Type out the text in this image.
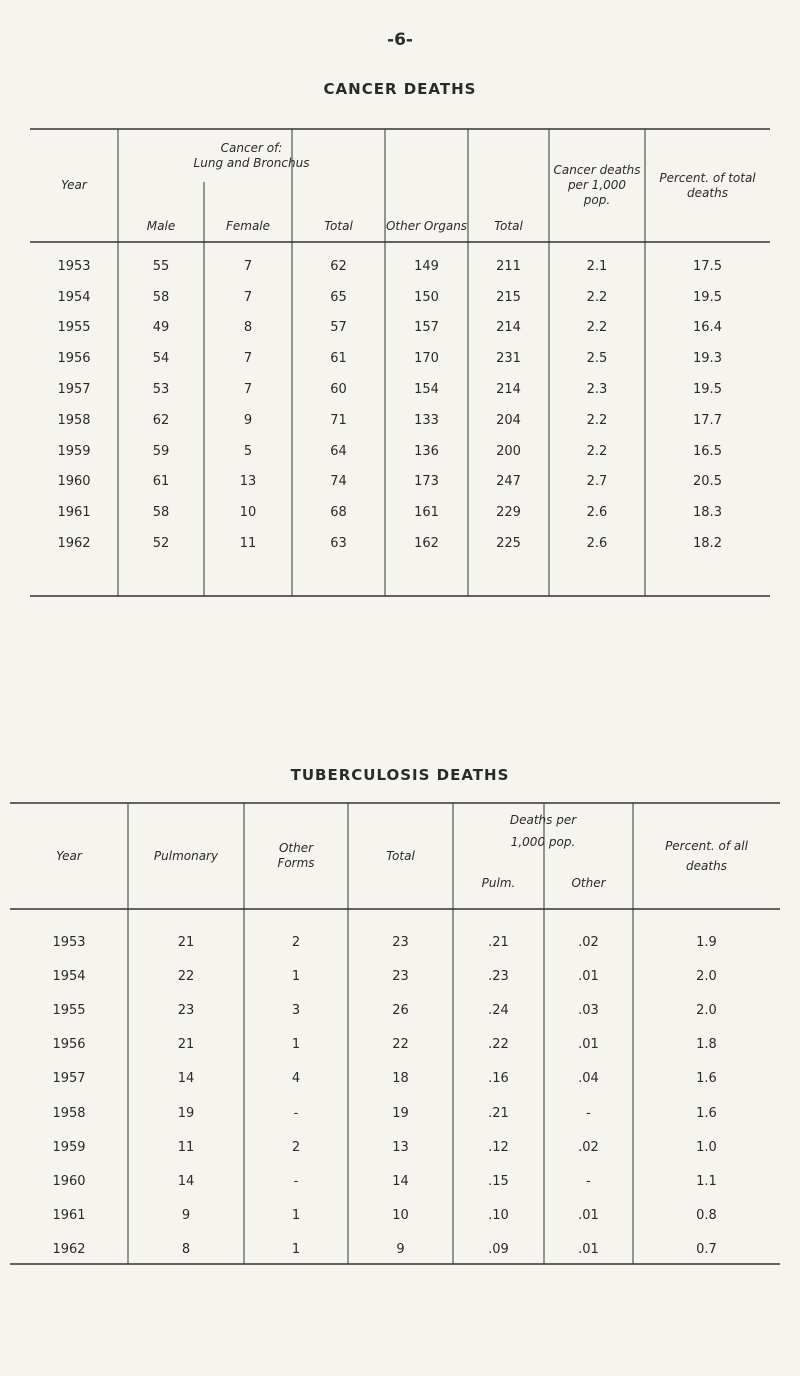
-6-
CANCER DEATHS
Year	Cancer of:
Lung and Bronchus			Other Organs	Total	Cancer deaths per 1,000 pop.	Percent. of total deaths
	Male	Female	Total				
1953	55	7	62	149	211	2.1	17.5
1954	58	7	65	150	215	2.2	19.5
1955	49	8	57	157	214	2.2	16.4
1956	54	7	61	170	231	2.5	19.3
1957	53	7	60	154	214	2.3	19.5
1958	62	9	71	133	204	2.2	17.7
1959	59	5	64	136	200	2.2	16.5
1960	61	13	74	173	247	2.7	20.5
1961	58	10	68	161	229	2.6	18.3
1962	52	11	63	162	225	2.6	18.2
TUBERCULOSIS DEATHS
Year	Pulmonary	Other Forms	Total	Deaths per
1,000 pop.		Percent. of all deaths
				Pulm.	Other	
1953	21	2	23	.21	.02	1.9
1954	22	1	23	.23	.01	2.0
1955	23	3	26	.24	.03	2.0
1956	21	1	22	.22	.01	1.8
1957	14	4	18	.16	.04	1.6
1958	19	-	19	.21	-	1.6
1959	11	2	13	.12	.02	1.0
1960	14	-	14	.15	-	1.1
1961	9	1	10	.10	.01	0.8
1962	8	1	9	.09	.01	0.7
